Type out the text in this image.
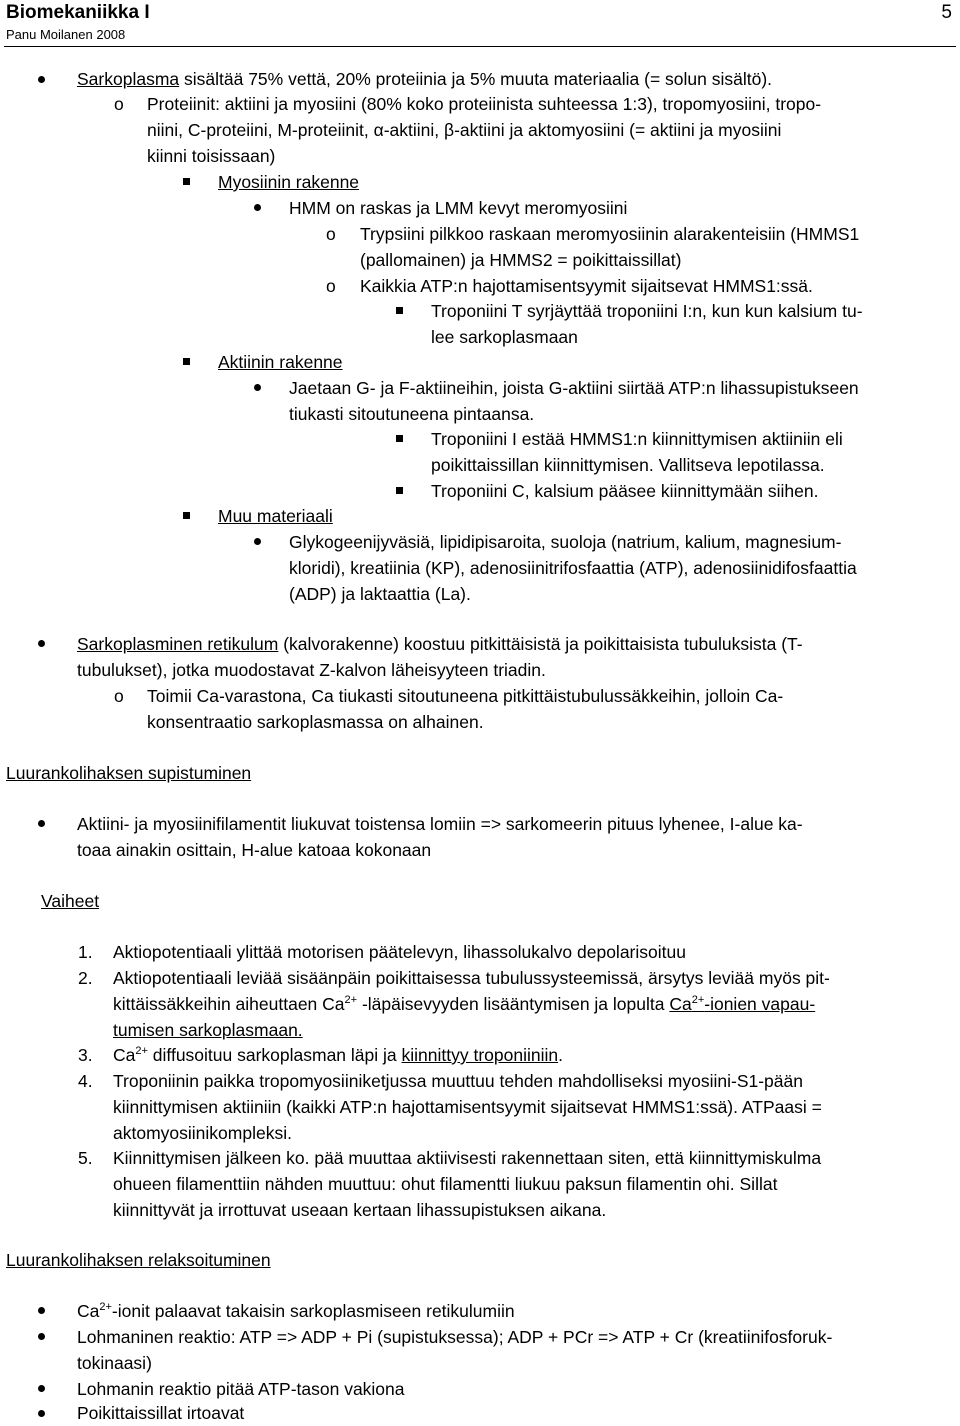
Biomekaniikka I
Panu Moilanen 2008
5
Sarkoplasma sisältää 75% vettä, 20% proteiinia ja 5% muuta materiaalia (= solun sisältö).
o Proteiinit: aktiini ja myosiini (80% koko proteiinista suhteessa 1:3), tropomyosiini, tropo-
niini, C-proteiini, M-proteiinit, α-aktiini, β-aktiini ja aktomyosiini (= aktiini ja myosiini
kiinni toisissaan)
Myosiinin rakenne
HMM on raskas ja LMM kevyt meromyosiini
o Trypsiini pilkkoo raskaan meromyosiinin alarakenteisiin (HMMS1
(pallomainen) ja HMMS2 = poikittaissillat)
o Kaikkia ATP:n hajottamisentsyymit sijaitsevat HMMS1:ssä.
Troponiini T syrjäyttää troponiini I:n, kun kun kalsium tu-
lee sarkoplasmaan
Aktiinin rakenne
Jaetaan G- ja F-aktiineihin, joista G-aktiini siirtää ATP:n lihassupistukseen
tiukasti sitoutuneena pintaansa.
Troponiini I estää HMMS1:n kiinnittymisen aktiiniin eli
poikittaissillan kiinnittymisen. Vallitseva lepotilassa.
Troponiini C, kalsium pääsee kiinnittymään siihen.
Muu materiaali
Glykogeenijyväsiä, lipidipisaroita, suoloja (natrium, kalium, magnesium-
kloridi), kreatiinia (KP), adenosiinitrifosfaattia (ATP), adenosiinidifosfaattia
(ADP) ja laktaattia (La).
Sarkoplasminen retikulum (kalvorakenne) koostuu pitkittäisistä ja poikittaisista tubuluksista (T-
tubulukset), jotka muodostavat Z-kalvon läheisyyteen triadin.
o Toimii Ca-varastona, Ca tiukasti sitoutuneena pitkittäistubulussäkkeihin, jolloin Ca-
konsentraatio sarkoplasmassa on alhainen.
Luurankolihaksen supistuminen
Aktiini- ja myosiinifilamentit liukuvat toistensa lomiin => sarkomeerin pituus lyhenee, I-alue ka-
toaa ainakin osittain, H-alue katoaa kokonaan
Vaiheet
1. Aktiopotentiaali ylittää motorisen päätelevyn, lihassolukalvo depolarisoituu
2. Aktiopotentiaali leviää sisäänpäin poikittaisessa tubulussysteemissä, ärsytys leviää myös pit-
kittäissäkkeihin aiheuttaen $Ca^{2+}$ -läpäisevyyden lisääntymisen ja lopulta $Ca^{2+}$-ionien vapau-
tumisen sarkoplasmaan.
3. $Ca^{2+}$ diffusoituu sarkoplasman läpi ja kiinnittyy troponiiniin.
4. Troponiinin paikka tropomyosiiniketjussa muuttuu tehden mahdolliseksi myosiini-S1-pään
kiinnittymisen aktiiniin (kaikki ATP:n hajottamisentsyymit sijaitsevat HMMS1:ssä). ATPaasi =
aktomyosiinikompleksi.
5. Kiinnittymisen jälkeen ko. pää muuttaa aktiivisesti rakennettaan siten, että kiinnittymiskulma
ohueen filamenttiin nähden muuttuu: ohut filamentti liukuu paksun filamentin ohi. Sillat
kiinnittyvät ja irrottuvat useaan kertaan lihassupistuksen aikana.
Luurankolihaksen relaksoituminen
$Ca^{2+}$-ionit palaavat takaisin sarkoplasmiseen retikulumiin
Lohmaninen reaktio: ATP => ADP + Pi (supistuksessa); ADP + PCr => ATP + Cr (kreatiinifosforuk-
tokinaasi)
Lohmanin reaktio pitää ATP-tason vakiona
Poikittaissillat irtoavat
